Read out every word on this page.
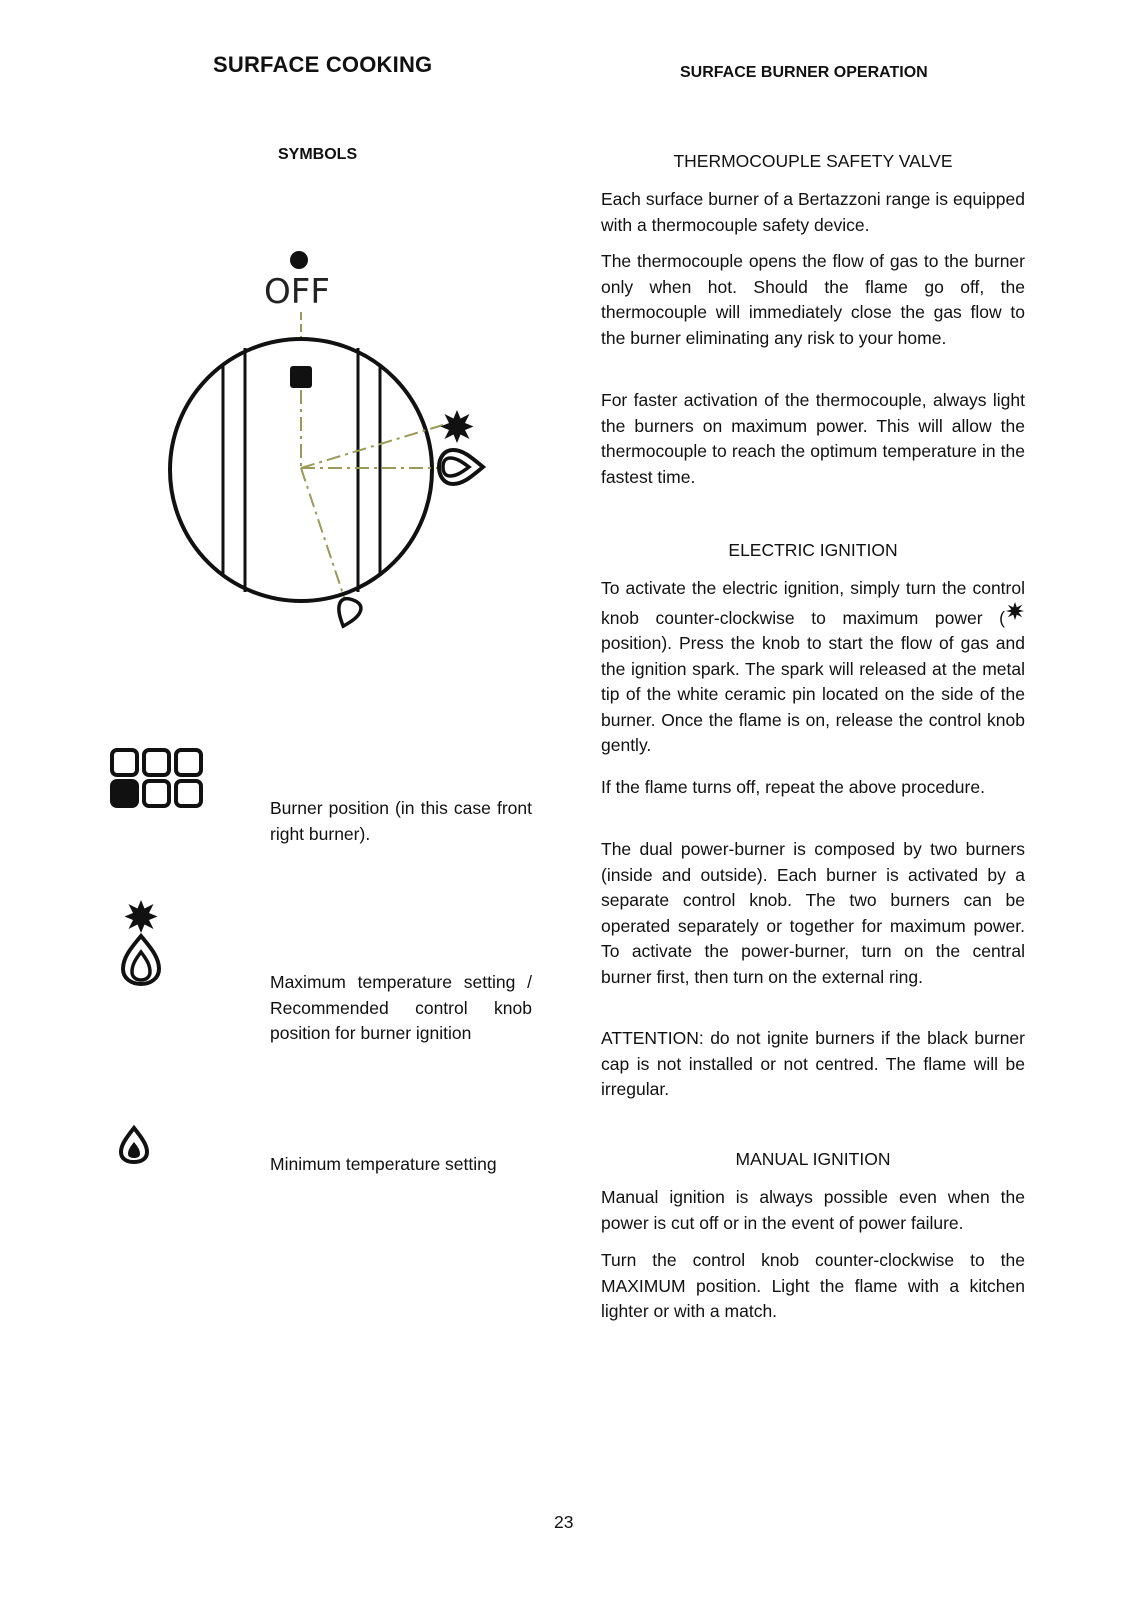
SURFACE COOKING	SURFACE BURNER OPERATION
SYMBOLS
OFF

Burner position (in this case front right burner).

Maximum temperature setting / Recommended control knob position for burner ignition

Minimum temperature setting

THERMOCOUPLE SAFETY VALVE

Each surface burner of a Bertazzoni range is equipped with a thermocouple safety device.

The thermocouple opens the flow of gas to the burner only when hot. Should the flame go off, the thermocouple will immediately close the gas flow to the burner eliminating any risk to your home.

For faster activation of the thermocouple, always light the burners on maximum power. This will allow the thermocouple to reach the optimum temperature in the fastest time.

ELECTRIC IGNITION

To activate the electric ignition, simply turn the control knob counter-clockwise to maximum power (position). Press the knob to start the flow of gas and the ignition spark. The spark will released at the metal tip of the white ceramic pin located on the side of the burner. Once the flame is on, release the control knob gently.

If the flame turns off, repeat the above procedure.

The dual power-burner is composed by two burners (inside and outside). Each burner is activated by a separate control knob. The two burners can be operated separately or together for maximum power. To activate the power-burner, turn on the central burner first, then turn on the external ring.

ATTENTION: do not ignite burners if the black burner cap is not installed or not centred. The flame will be irregular.

MANUAL IGNITION

Manual ignition is always possible even when the power is cut off or in the event of power failure.

Turn the control knob counter-clockwise to the MAXIMUM position. Light the flame with a kitchen lighter or with a match.

23
